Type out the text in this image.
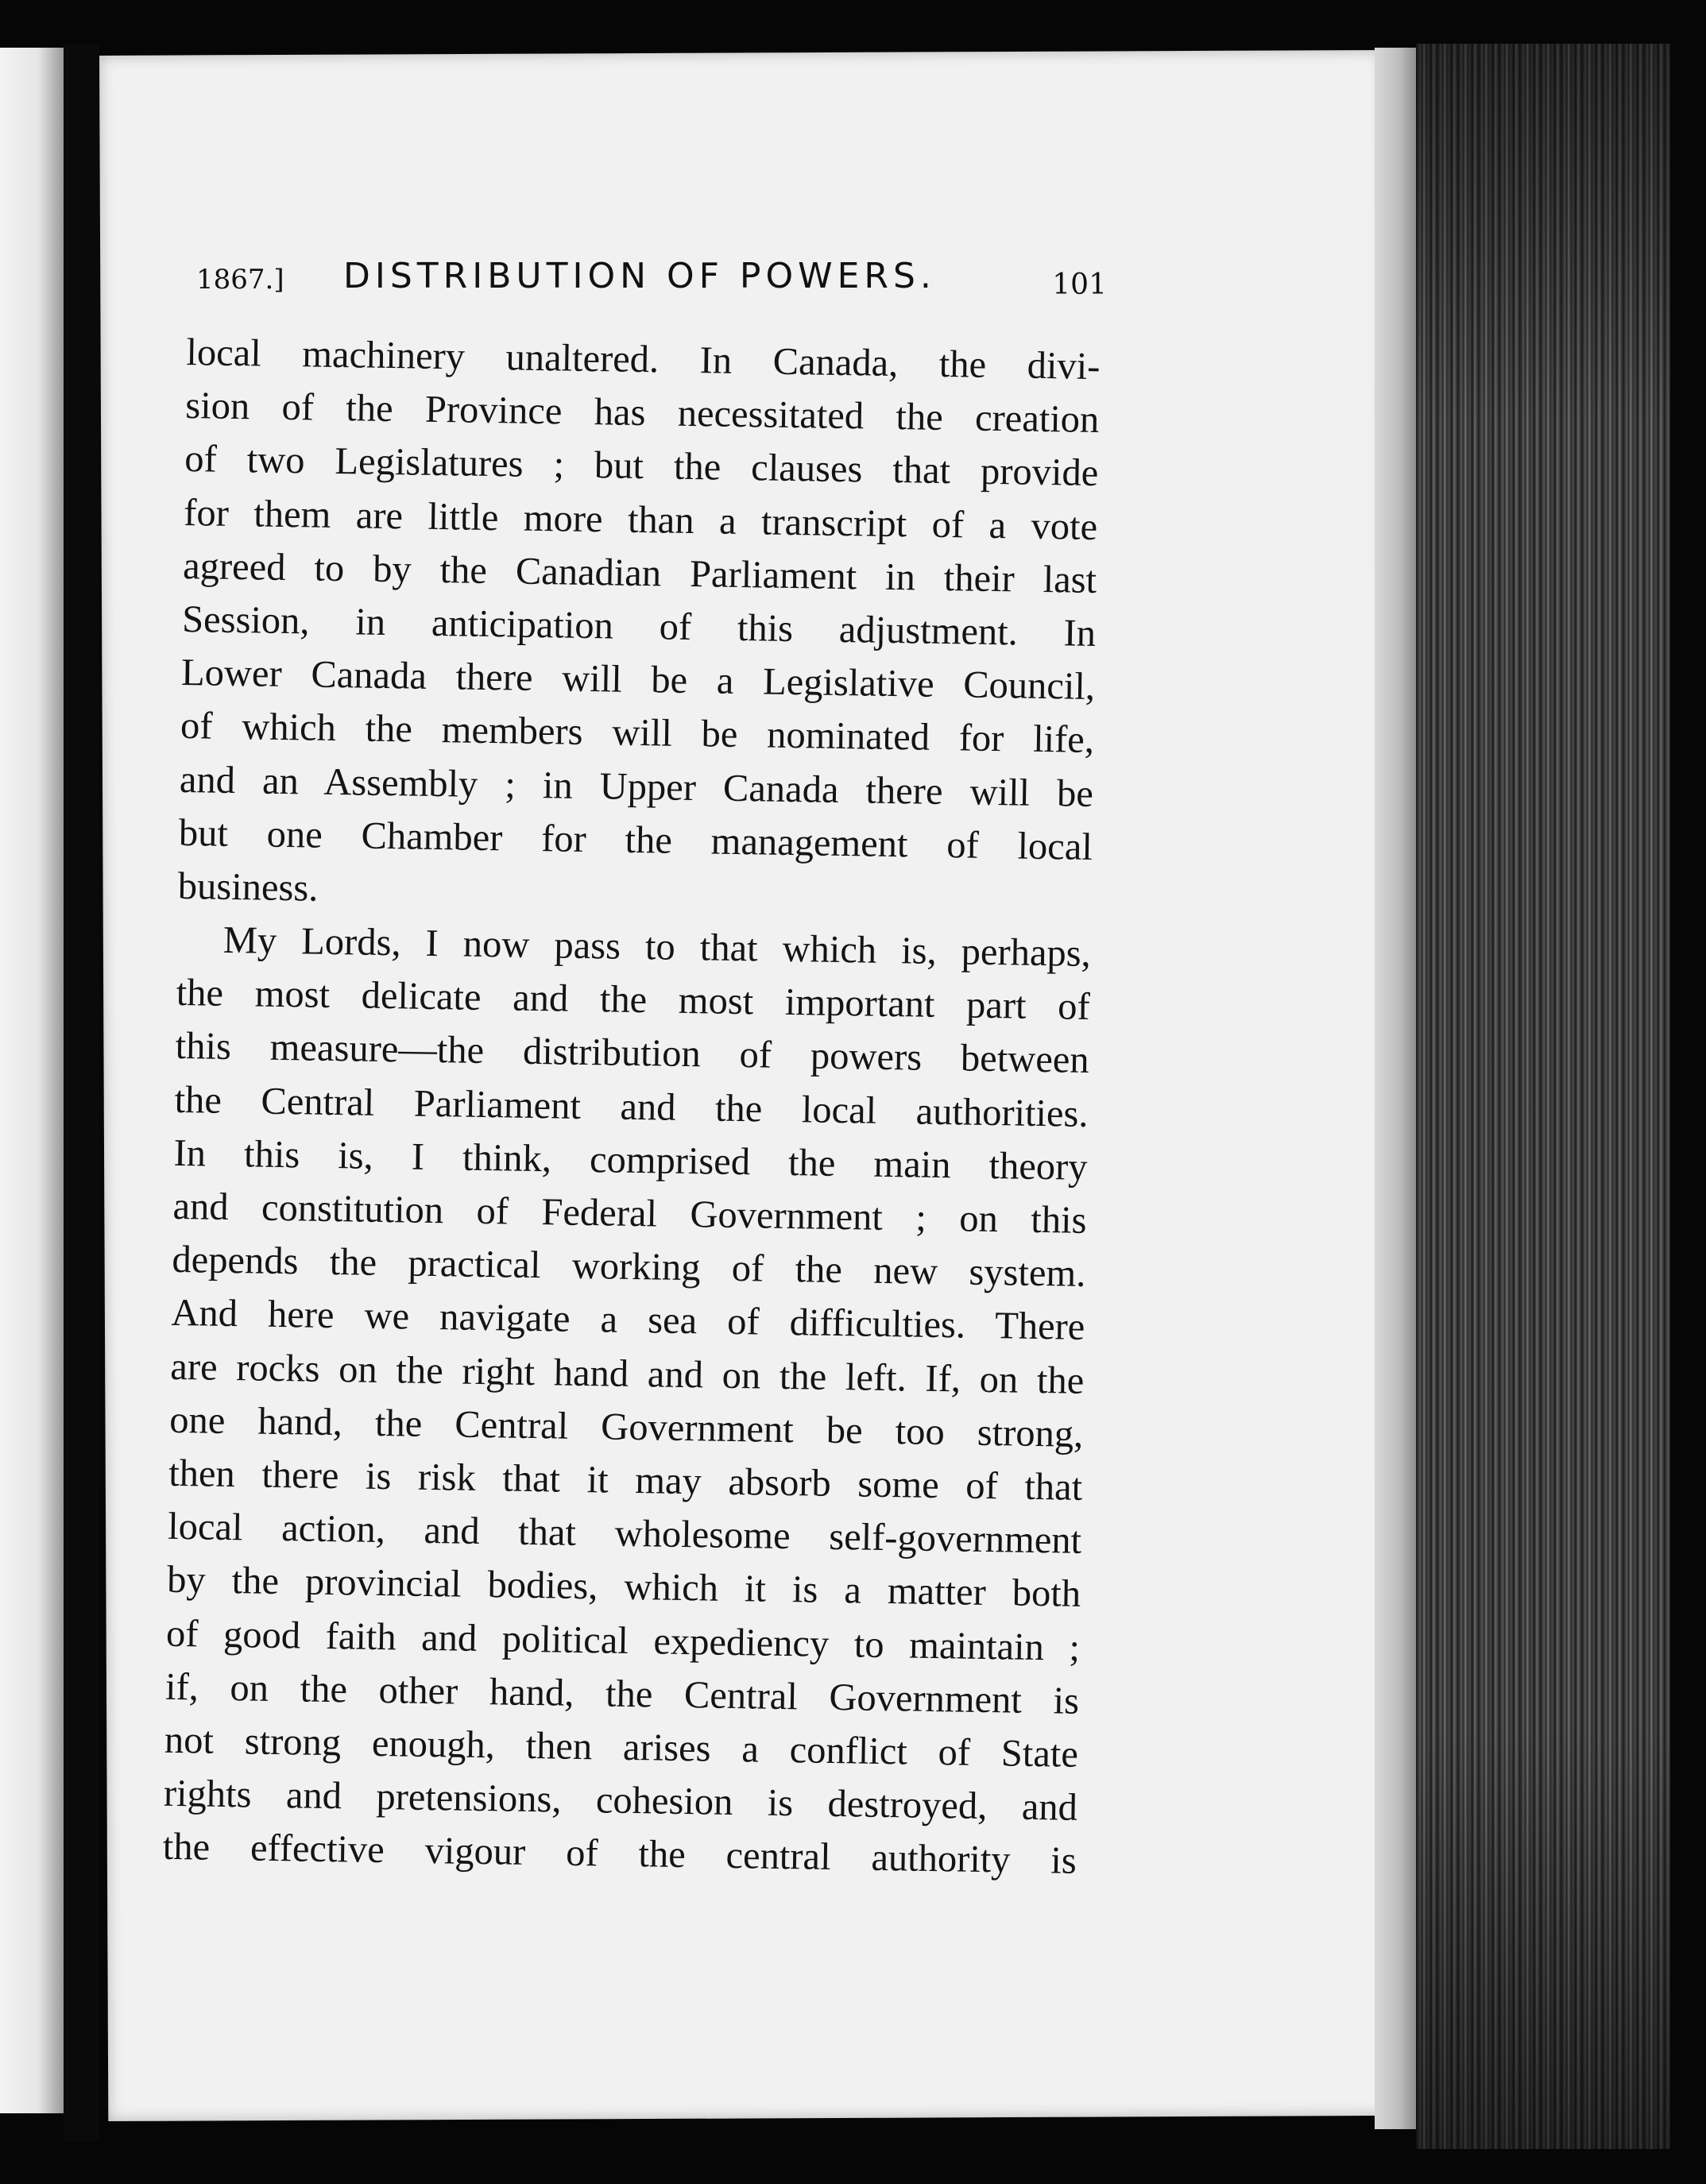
1867.] DISTRIBUTION OF POWERS.	101
local machinery unaltered. In Canada, the divi-
sion of the Province has necessitated the creation
of two Legislatures ; but the clauses that provide
for them are little more than a transcript of a vote
agreed to by the Canadian Parliament in their last
Session, in anticipation of this adjustment. In
Lower Canada there will be a Legislative Council,
of which the members will be nominated for life,
and an Assembly ; in Upper Canada there will be
but one Chamber for the management of local
business.
My Lords, I now pass to that which is, perhaps,
the most delicate and the most important part of
this measure—the distribution of powers between
the Central Parliament and the local authorities.
In this is, I think, comprised the main theory
and constitution of Federal Government ; on this
depends the practical working of the new system.
And here we navigate a sea of difficulties. There
are rocks on the right hand and on the left. If, on the
one hand, the Central Government be too strong,
then there is risk that it may absorb some of that
local action, and that wholesome self-government
by the provincial bodies, which it is a matter both
of good faith and political expediency to maintain ;
if, on the other hand, the Central Government is
not strong enough, then arises a conflict of State
rights and pretensions, cohesion is destroyed, and
the effective vigour of the central authority is
